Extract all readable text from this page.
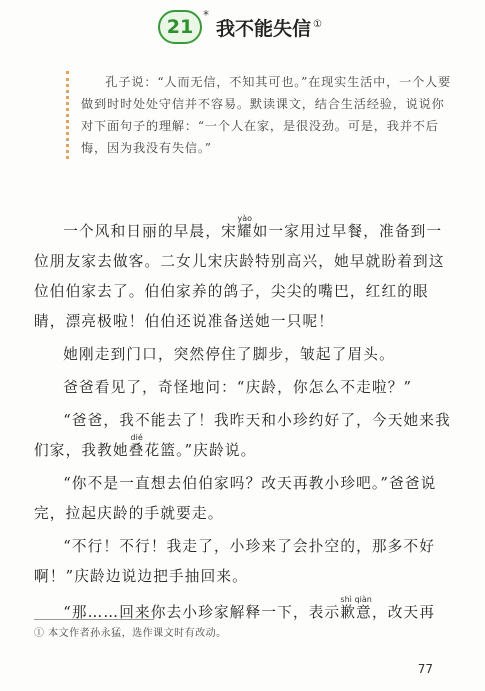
21
*
我不能失信 ①
孔子说：“人而无信，不知其可也。”在现实生活中，一个人要做到时时处处守信并不容易。默读课文，结合生活经验，说说你对下面句子的理解：“一个人在家，是很没劲。可是，我并不后悔，因为我没有失信。”

一个风和日丽的早晨，宋耀yào如一家用过早餐，准备到一位朋友家去做客。二女儿宋庆龄特别高兴，她早就盼着到这位伯伯家去了。伯伯家养的鸽子，尖尖的嘴巴，红红的眼睛，漂亮极啦！伯伯还说准备送她一只呢！

她刚走到门口，突然停住了脚步，皱起了眉头。

爸爸看见了，奇怪地问：“庆龄，你怎么不走啦？”

“爸爸，我不能去了！我昨天和小珍约好了，今天她来我们家，我教她叠dié花篮。”庆龄说。

“你不是一直想去伯伯家吗？改天再教小珍吧。”爸爸说完，拉起庆龄的手就要走。

“不行！不行！我走了，小珍来了会扑空的，那多不好啊！”庆龄边说边把手抽回来。

“那……回来你去小珍家解释一下，表示歉意shì qiàn，改天再

① 本文作者孙永猛，选作课文时有改动。
77
